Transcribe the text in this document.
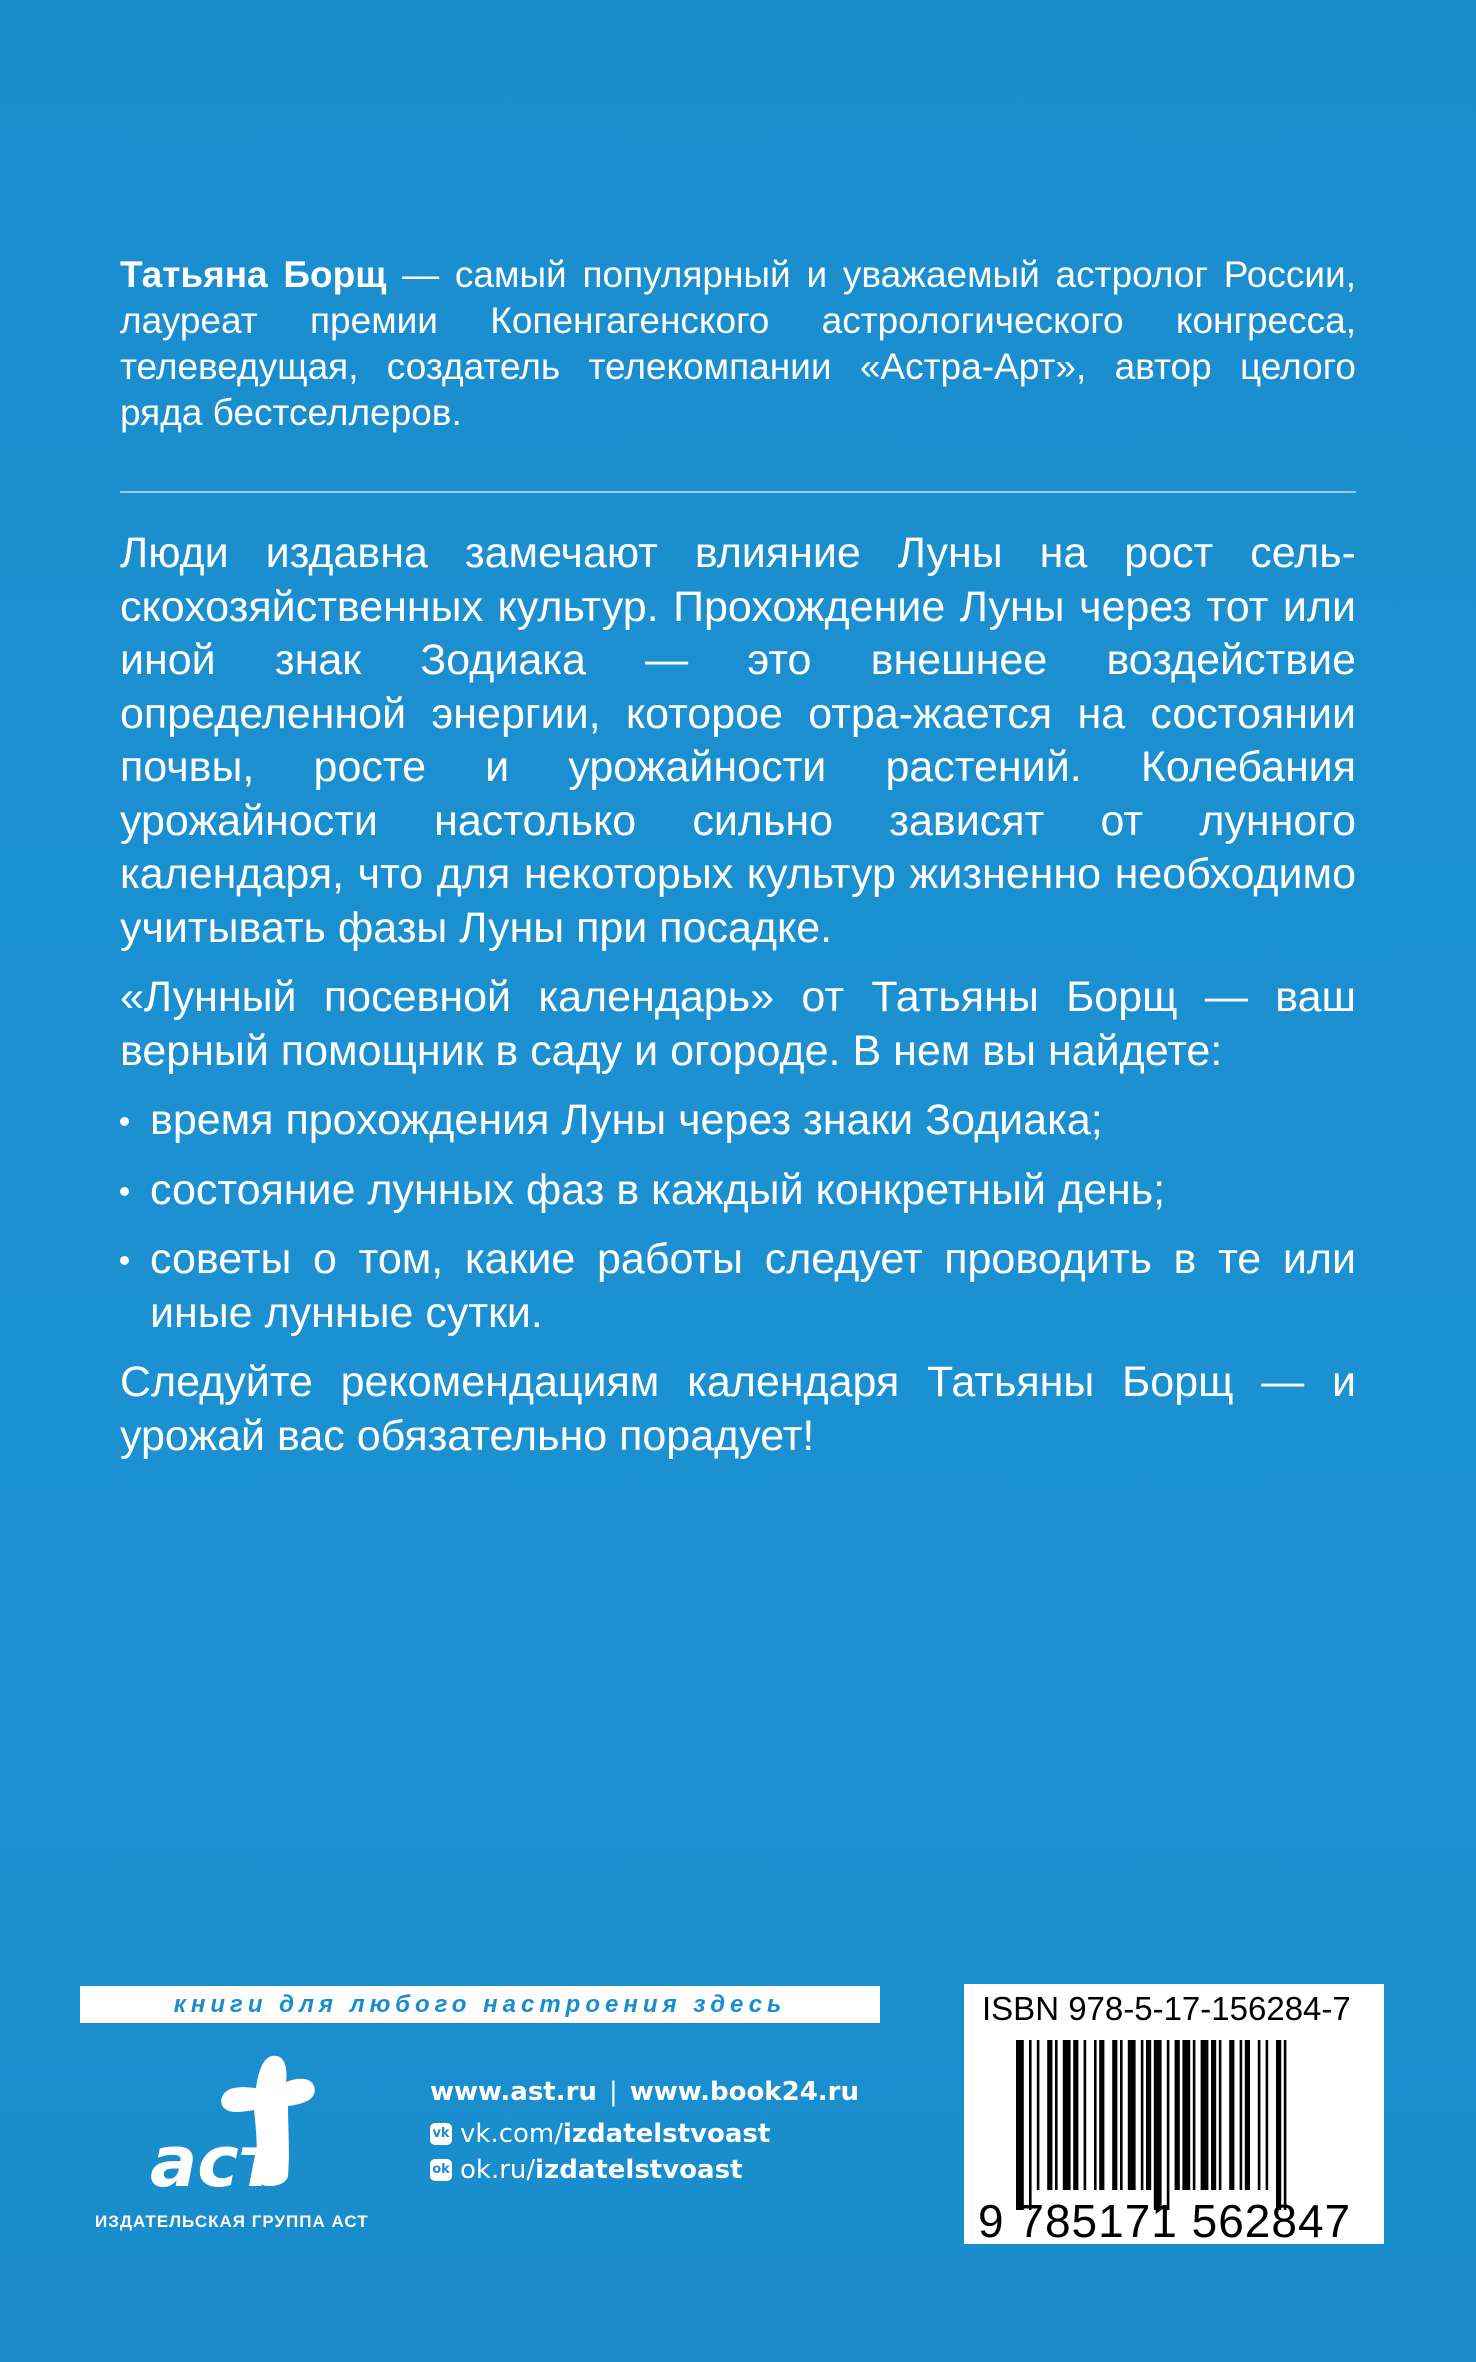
Татьяна Борщ — самый популярный и уважаемый астролог России, лауреат премии Копенгагенского астрологического конгресса, телеведущая, создатель телекомпании «Астра-Арт», автор целого ряда бестселлеров.

Люди издавна замечают влияние Луны на рост сель-скохозяйственных культур. Прохождение Луны через тот или иной знак Зодиака — это внешнее воздействие определенной энергии, которое отра-жается на состоянии почвы, росте и урожайности растений. Колебания урожайности настолько сильно зависят от лунного календаря, что для некоторых культур жизненно необходимо учитывать фазы Луны при посадке.

«Лунный посевной календарь» от Татьяны Борщ — ваш верный помощник в саду и огороде. В нем вы найдете:

время прохождения Луны через знаки Зодиака;
состояние лунных фаз в каждый конкретный день;
советы о том, какие работы следует проводить в те или иные лунные сутки.

Следуйте рекомендациям календаря Татьяны Борщ — и урожай вас обязательно порадует!

книги для любого настроения здесь
аст
ИЗДАТЕЛЬСКАЯ ГРУППА АСТ
www.ast.ru | www.book24.ru
vk vk.com/ izdatelstvoast
ok ok.ru/ izdatelstvoast
ISBN 978-5-17-156284-7
9 785171 562847
